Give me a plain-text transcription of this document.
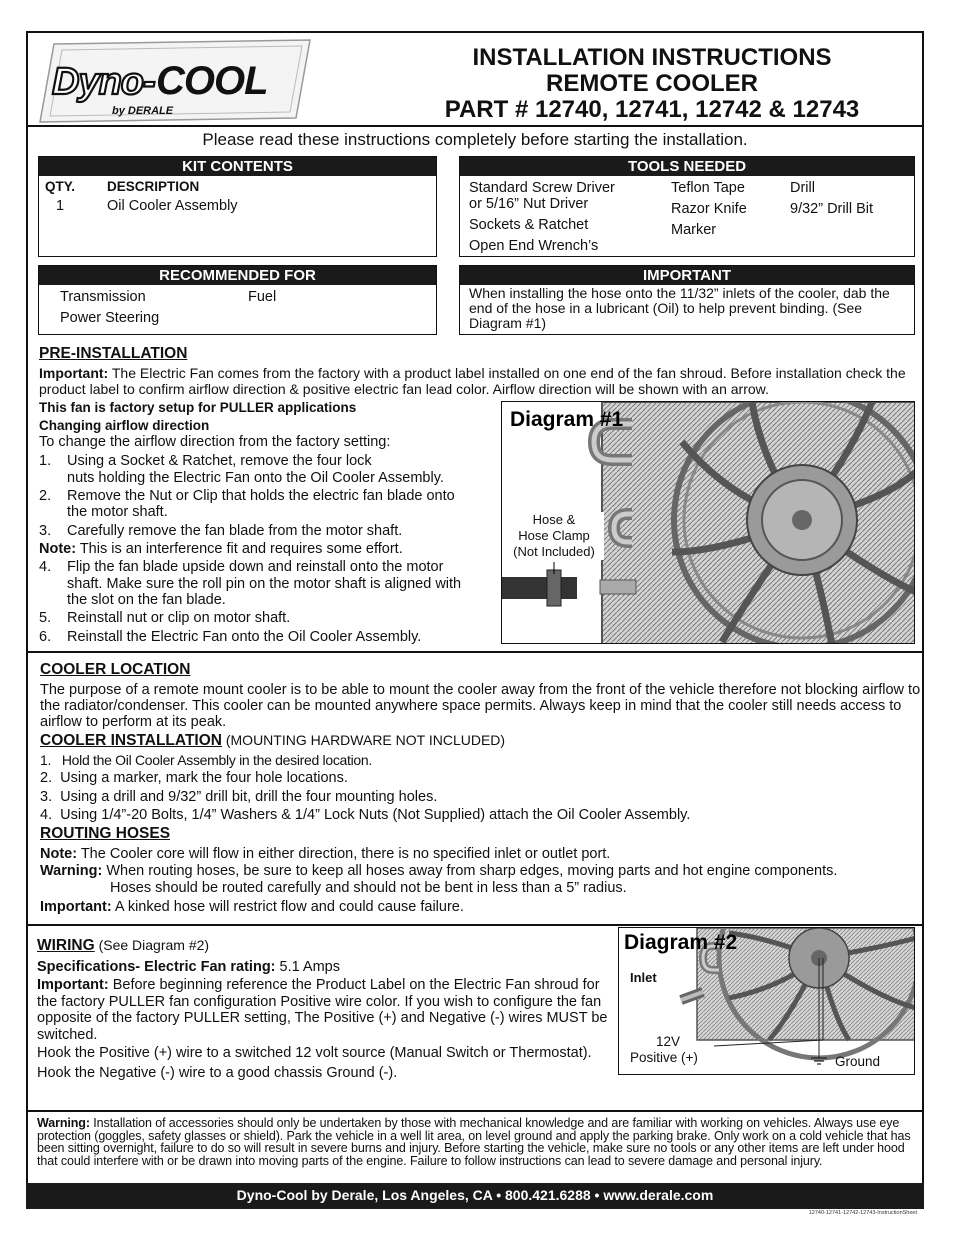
Dyno- COOL
by DERALE
INSTALLATION INSTRUCTIONS
REMOTE COOLER
PART # 12740, 12741, 12742 & 12743
Please read these instructions completely before starting the installation.
KIT CONTENTS
QTY. DESCRIPTION
1	Oil Cooler Assembly
TOOLS NEEDED
Standard Screw Driver
or 5/16” Nut Driver
Sockets & Ratchet
Open End Wrench’s
Teflon Tape
Razor Knife
Marker
Drill
9/32” Drill Bit
RECOMMENDED FOR
Transmission	Fuel
Power Steering
IMPORTANT
When installing the hose onto the 11/32” inlets of the cooler, dab the end of the hose in a lubricant (Oil) to help prevent binding. (See Diagram #1)
PRE-INSTALLATION
Important: The Electric Fan comes from the factory with a product label installed on one end of the fan shroud. Before installation check the product label to confirm airflow direction & positive electric fan lead color. Airflow direction will be shown with an arrow.
This fan is factory setup for PULLER applications
Changing airflow direction
To change the airflow direction from the factory setting:
1. Using a Socket & Ratchet, remove the four lock
nuts holding the Electric Fan onto the Oil Cooler Assembly.
2. Remove the Nut or Clip that holds the electric fan blade onto
the motor shaft.
3. Carefully remove the fan blade from the motor shaft.
Note: This is an interference fit and requires some effort.
4. Flip the fan blade upside down and reinstall onto the motor
shaft. Make sure the roll pin on the motor shaft is aligned with
the slot on the fan blade.
5. Reinstall nut or clip on motor shaft.
6. Reinstall the Electric Fan onto the Oil Cooler Assembly.
Diagram #1
Hose &
Hose Clamp
(Not Included)
COOLER LOCATION
The purpose of a remote mount cooler is to be able to mount the cooler away from the front of the vehicle therefore not blocking airflow to the radiator/condenser. This cooler can be mounted anywhere space permits. Always keep in mind that the cooler still needs access to airflow to perform at its peak.
COOLER INSTALLATION (MOUNTING HARDWARE NOT INCLUDED)
1.   Hold the Oil Cooler Assembly in the desired location.
2.  Using a marker, mark the four hole locations.
3.  Using a drill and 9/32” drill bit, drill the four mounting holes.
4.  Using 1/4”-20 Bolts, 1/4” Washers & 1/4” Lock Nuts (Not Supplied) attach the Oil Cooler Assembly.
ROUTING HOSES
Note: The Cooler core will flow in either direction, there is no specified inlet or outlet port.
Warning: When routing hoses, be sure to keep all hoses away from sharp edges, moving parts and hot engine components.
Hoses should be routed carefully and should not be bent in less than a 5” radius.
Important: A kinked hose will restrict flow and could cause failure.
WIRING (See Diagram #2)
Specifications- Electric Fan rating: 5.1 Amps
Important: Before beginning reference the Product Label on the Electric Fan shroud for the factory PULLER fan configuration Positive wire color. If you wish to configure the fan opposite of the factory PULLER setting, The Positive (+) and Negative (-) wires MUST be switched.
Hook the Positive (+) wire to a switched 12 volt source (Manual Switch or Thermostat).
Hook the Negative (-) wire to a good chassis Ground (-).
Diagram #2
Inlet
12V
Positive (+)	Ground
Warning: Installation of accessories should only be undertaken by those with mechanical knowledge and are familiar with working on vehicles. Always use eye protection (goggles, safety glasses or shield). Park the vehicle in a well lit area, on level ground and apply the parking brake. Only work on a cold vehicle that has been sitting overnight, failure to do so will result in severe burns and injury. Before starting the vehicle, make sure no tools or any other items are left under hood that could interfere with or be drawn into moving parts of the engine. Failure to follow instructions can lead to severe damage and personal injury.
Dyno-Cool by Derale, Los Angeles, CA • 800.421.6288 • www.derale.com
12740-12741-12742-12743-InstructionSheet
